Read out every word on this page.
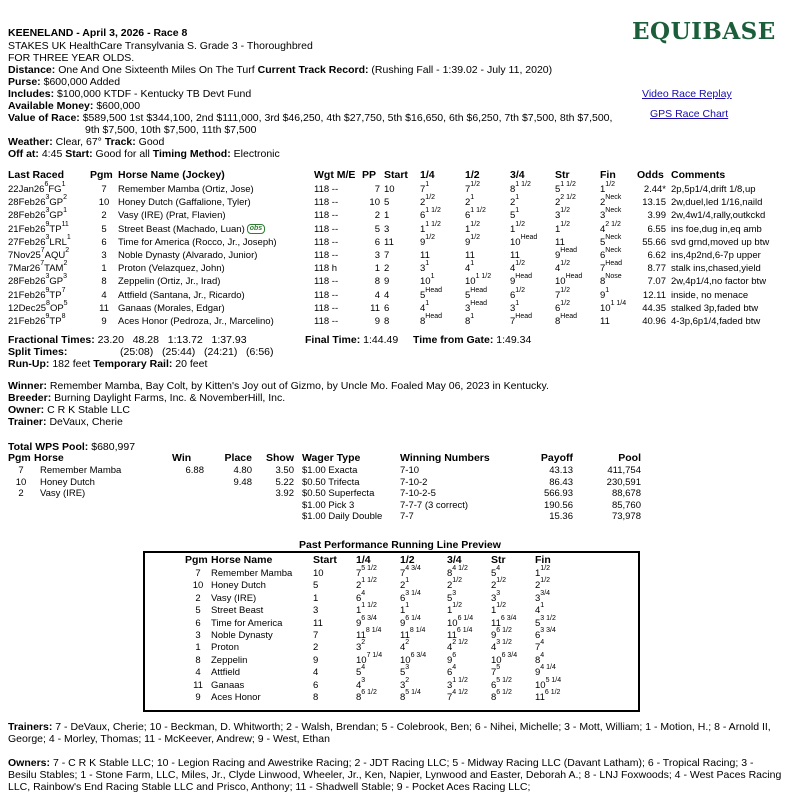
KEENELAND - April 3, 2026 - Race 8
STAKES UK HealthCare Transylvania S. Grade 3 - Thoroughbred
FOR THREE YEAR OLDS.
Distance: One And One Sixteenth Miles On The Turf Current Track Record: (Rushing Fall - 1:39.02 - July 11, 2020)
Purse: $600,000 Added
Includes: $100,000 KTDF - Kentucky TB Devt Fund
Available Money: $600,000
Value of Race: $589,500 1st $344,100, 2nd $111,000, 3rd $46,250, 4th $27,750, 5th $16,650, 6th $6,250, 7th $7,500, 8th $7,500,
9th $7,500, 10th $7,500, 11th $7,500
Weather: Clear, 67° Track: Good
Off at: 4:45 Start: Good for all Timing Method: Electronic
EQUIBASE
Video Race Replay
GPS Race Chart
Last Raced	Pgm	Horse Name (Jockey)	Wgt M/E	PP	Start	1/4	1/2	3/4	Str	Fin	Odds	Comments
$22Jan26^6FG^1$	7	Remember Mamba (Ortiz, Jose)	118 --	7	10	$7^1$	$7^{1/2}$	$8^{1 1/2}$	$5^{1 1/2}$	$1^{1/2}$	2.44*	2p,5p1/4,drift 1/8,up
$28Feb26^3GP^2$	10	Honey Dutch (Gaffalione, Tyler)	118 --	10	5	$2^{1/2}$	$2^1$	$2^1$	$2^{2 1/2}$	$2^{Neck}$	13.15	2w,duel,led 1/16,naild
$28Feb26^3GP^1$	2	Vasy (IRE) (Prat, Flavien)	118 --	2	1	$6^{1 1/2}$	$6^{1 1/2}$	$5^1$	$3^{1/2}$	$3^{Neck}$	3.99	2w,4w1/4,rally,outkckd
$21Feb26^9TP^{11}$	5	Street Beast (Machado, Luan) obs	118 --	5	3	$1^{1 1/2}$	$1^{1/2}$	$1^{1/2}$	$1^{1/2}$	$4^{2 1/2}$	6.55	ins foe,dug in,eq amb
$27Feb26^3LRL^1$	6	Time for America (Rocco, Jr., Joseph)	118 --	6	11	$9^{1/2}$	$9^{1/2}$	$10^{Head}$	11	$5^{Neck}$	55.66	svd grnd,moved up btw
$7Nov25^7AQU^2$	3	Noble Dynasty (Alvarado, Junior)	118 --	3	7	11	11	11	$9^{Head}$	$6^{Neck}$	6.62	ins,4p2nd,6-7p upper
$7Mar26^7TAM^2$	1	Proton (Velazquez, John)	118 h	1	2	$3^1$	$4^1$	$4^{1/2}$	$4^{1/2}$	$7^{Head}$	8.77	stalk ins,chased,yield
$28Feb26^3GP^3$	8	Zeppelin (Ortiz, Jr., Irad)	118 --	8	9	$10^1$	$10^{1 1/2}$	$9^{Head}$	$10^{Head}$	$8^{Nose}$	7.07	2w,4p1/4,no factor btw
$21Feb26^9TP^7$	4	Attfield (Santana, Jr., Ricardo)	118 --	4	4	$5^{Head}$	$5^{Head}$	$6^{1/2}$	$7^{1/2}$	$9^1$	12.11	inside, no menace
$12Dec25^8OP^5$	11	Ganaas (Morales, Edgar)	118 --	11	6	$4^1$	$3^{Head}$	$3^1$	$6^{1/2}$	$10^{1 1/4}$	44.35	stalked 3p,faded btw
$21Feb26^9TP^8$	9	Aces Honor (Pedroza, Jr., Marcelino)	118 --	9	8	$8^{Head}$	$8^1$	$7^{Head}$	$8^{Head}$	11	40.96	4-3p,6p1/4,faded btw
Fractional Times: 23.20   48.28   1:13.72   1:37.93	Final Time: 1:44.49 Time from Gate: 1:49.34
Split Times:	(25:08)   (25:44)   (24:21)   (6:56)
Run-Up: 182 feet Temporary Rail: 20 feet
Winner: Remember Mamba, Bay Colt, by Kitten's Joy out of Gizmo, by Uncle Mo. Foaled May 06, 2023 in Kentucky.
Breeder: Burning Daylight Farms, Inc. & NovemberHill, Inc.
Owner: C R K Stable LLC
Trainer: DeVaux, Cherie
Total WPS Pool: $680,997
Pgm	Horse	Win	Place	Show	Wager Type	Winning Numbers	Payoff	Pool
7	Remember Mamba	6.88	4.80	3.50	$1.00 Exacta	7-10	43.13	411,754
10	Honey Dutch		9.48	5.22	$0.50 Trifecta	7-10-2	86.43	230,591
2	Vasy (IRE)			3.92	$0.50 Superfecta	7-10-2-5	566.93	88,678
					$1.00 Pick 3	7-7-7 (3 correct)	190.56	85,760
					$1.00 Daily Double	7-7	15.36	73,978
Past Performance Running Line Preview
Pgm	Horse Name	Start	1/4	1/2	3/4	Str	Fin
7	Remember Mamba	10	$7^{5 1/2}$	$7^{4 3/4}$	$8^{4 1/2}$	$5^4$	$1^{1/2}$
10	Honey Dutch	5	$2^{1 1/2}$	$2^1$	$2^{1/2}$	$2^{1/2}$	$2^{1/2}$
2	Vasy (IRE)	1	$6^4$	$6^{3 1/4}$	$5^3$	$3^3$	$3^{3/4}$
5	Street Beast	3	$1^{1 1/2}$	$1^1$	$1^{1/2}$	$1^{1/2}$	$4^1$
6	Time for America	11	$9^{6 3/4}$	$9^{6 1/4}$	$10^{6 1/4}$	$11^{6 3/4}$	$5^{3 1/2}$
3	Noble Dynasty	7	$11^{8 1/4}$	$11^{8 1/4}$	$11^{6 1/4}$	$9^{6 1/2}$	$6^{3 3/4}$
1	Proton	2	$3^2$	$4^2$	$4^{2 1/2}$	$4^{3 1/2}$	$7^4$
8	Zeppelin	9	$10^{7 1/4}$	$10^{6 3/4}$	$9^6$	$10^{6 3/4}$	$8^4$
4	Attfield	4	$5^4$	$5^3$	$6^4$	$7^5$	$9^{4 1/4}$
11	Ganaas	6	$4^3$	$3^2$	$3^{1 1/2}$	$6^{5 1/2}$	$10^{5 1/4}$
9	Aces Honor	8	$8^{6 1/2}$	$8^{5 1/4}$	$7^{4 1/2}$	$8^{6 1/2}$	$11^{6 1/2}$
Trainers: 7 - DeVaux, Cherie; 10 - Beckman, D. Whitworth; 2 - Walsh, Brendan; 5 - Colebrook, Ben; 6 - Nihei, Michelle; 3 - Mott, William; 1 - Motion, H.; 8 - Arnold II, George; 4 - Morley, Thomas; 11 - McKeever, Andrew; 9 - West, Ethan
Owners: 7 - C R K Stable LLC; 10 - Legion Racing and Awestrike Racing; 2 - JDT Racing LLC; 5 - Midway Racing LLC (Davant Latham); 6 - Tropical Racing; 3 - Besilu Stables; 1 - Stone Farm, LLC, Miles, Jr., Clyde Linwood, Wheeler, Jr., Ken, Napier, Lynwood and Easter, Deborah A.; 8 - LNJ Foxwoods; 4 - West Paces Racing LLC, Rainbow's End Racing Stable LLC and Prisco, Anthony; 11 - Shadwell Stable; 9 - Pocket Aces Racing LLC;
